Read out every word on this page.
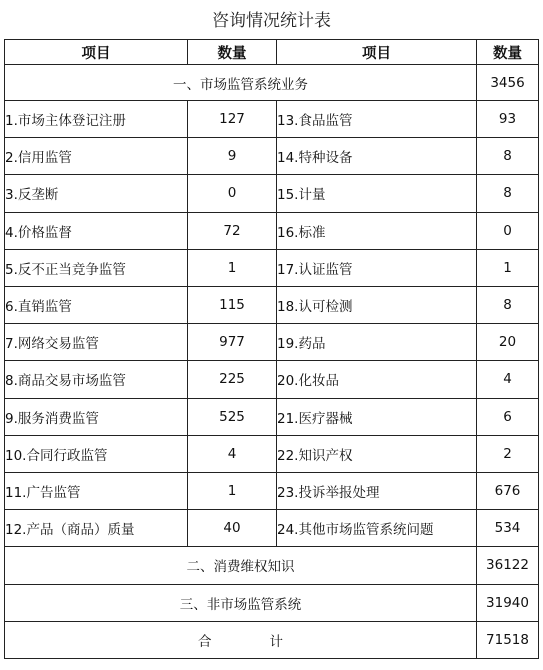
咨询情况统计表
项目	数量	项目	数量
一、市场监管系统业务			3456
1.市场主体登记注册	127	13.食品监管	93
2.信用监管	9	14.特种设备	8
3.反垄断	0	15.计量	8
4.价格监督	72	16.标准	0
5.反不正当竞争监管	1	17.认证监管	1
6.直销监管	115	18.认可检测	8
7.网络交易监管	977	19.药品	20
8.商品交易市场监管	225	20.化妆品	4
9.服务消费监管	525	21.医疗器械	6
10.合同行政监管	4	22.知识产权	2
11.广告监管	1	23.投诉举报处理	676
12.产品（商品）质量	40	24.其他市场监管系统问题	534
二、消费维权知识			36122
三、非市场监管系统			31940
合 计			71518
